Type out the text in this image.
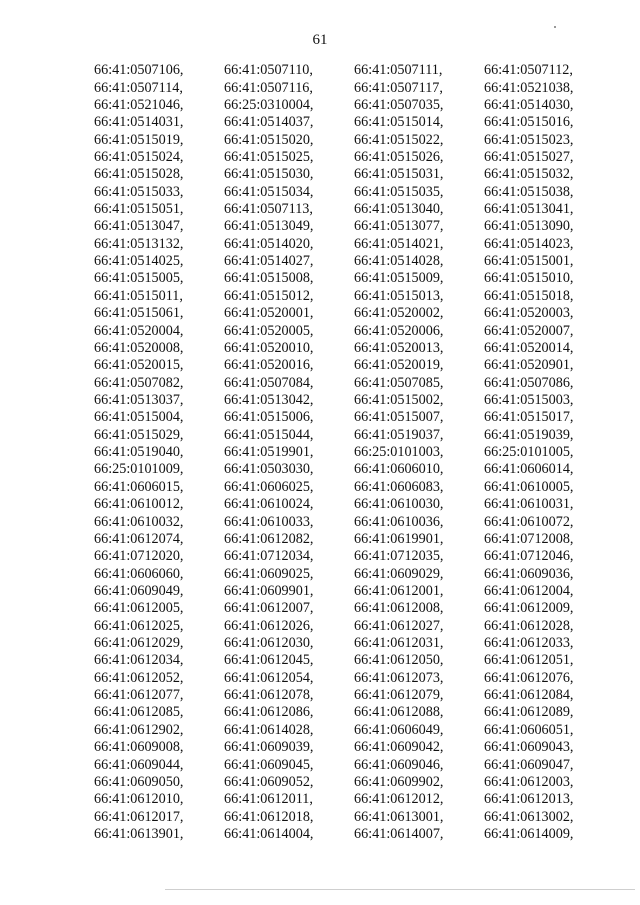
61
66:41:0507106,	66:41:0507110,	66:41:0507111,	66:41:0507112,
66:41:0507114,	66:41:0507116,	66:41:0507117,	66:41:0521038,
66:41:0521046,	66:25:0310004,	66:41:0507035,	66:41:0514030,
66:41:0514031,	66:41:0514037,	66:41:0515014,	66:41:0515016,
66:41:0515019,	66:41:0515020,	66:41:0515022,	66:41:0515023,
66:41:0515024,	66:41:0515025,	66:41:0515026,	66:41:0515027,
66:41:0515028,	66:41:0515030,	66:41:0515031,	66:41:0515032,
66:41:0515033,	66:41:0515034,	66:41:0515035,	66:41:0515038,
66:41:0515051,	66:41:0507113,	66:41:0513040,	66:41:0513041,
66:41:0513047,	66:41:0513049,	66:41:0513077,	66:41:0513090,
66:41:0513132,	66:41:0514020,	66:41:0514021,	66:41:0514023,
66:41:0514025,	66:41:0514027,	66:41:0514028,	66:41:0515001,
66:41:0515005,	66:41:0515008,	66:41:0515009,	66:41:0515010,
66:41:0515011,	66:41:0515012,	66:41:0515013,	66:41:0515018,
66:41:0515061,	66:41:0520001,	66:41:0520002,	66:41:0520003,
66:41:0520004,	66:41:0520005,	66:41:0520006,	66:41:0520007,
66:41:0520008,	66:41:0520010,	66:41:0520013,	66:41:0520014,
66:41:0520015,	66:41:0520016,	66:41:0520019,	66:41:0520901,
66:41:0507082,	66:41:0507084,	66:41:0507085,	66:41:0507086,
66:41:0513037,	66:41:0513042,	66:41:0515002,	66:41:0515003,
66:41:0515004,	66:41:0515006,	66:41:0515007,	66:41:0515017,
66:41:0515029,	66:41:0515044,	66:41:0519037,	66:41:0519039,
66:41:0519040,	66:41:0519901,	66:25:0101003,	66:25:0101005,
66:25:0101009,	66:41:0503030,	66:41:0606010,	66:41:0606014,
66:41:0606015,	66:41:0606025,	66:41:0606083,	66:41:0610005,
66:41:0610012,	66:41:0610024,	66:41:0610030,	66:41:0610031,
66:41:0610032,	66:41:0610033,	66:41:0610036,	66:41:0610072,
66:41:0612074,	66:41:0612082,	66:41:0619901,	66:41:0712008,
66:41:0712020,	66:41:0712034,	66:41:0712035,	66:41:0712046,
66:41:0606060,	66:41:0609025,	66:41:0609029,	66:41:0609036,
66:41:0609049,	66:41:0609901,	66:41:0612001,	66:41:0612004,
66:41:0612005,	66:41:0612007,	66:41:0612008,	66:41:0612009,
66:41:0612025,	66:41:0612026,	66:41:0612027,	66:41:0612028,
66:41:0612029,	66:41:0612030,	66:41:0612031,	66:41:0612033,
66:41:0612034,	66:41:0612045,	66:41:0612050,	66:41:0612051,
66:41:0612052,	66:41:0612054,	66:41:0612073,	66:41:0612076,
66:41:0612077,	66:41:0612078,	66:41:0612079,	66:41:0612084,
66:41:0612085,	66:41:0612086,	66:41:0612088,	66:41:0612089,
66:41:0612902,	66:41:0614028,	66:41:0606049,	66:41:0606051,
66:41:0609008,	66:41:0609039,	66:41:0609042,	66:41:0609043,
66:41:0609044,	66:41:0609045,	66:41:0609046,	66:41:0609047,
66:41:0609050,	66:41:0609052,	66:41:0609902,	66:41:0612003,
66:41:0612010,	66:41:0612011,	66:41:0612012,	66:41:0612013,
66:41:0612017,	66:41:0612018,	66:41:0613001,	66:41:0613002,
66:41:0613901,	66:41:0614004,	66:41:0614007,	66:41:0614009,
